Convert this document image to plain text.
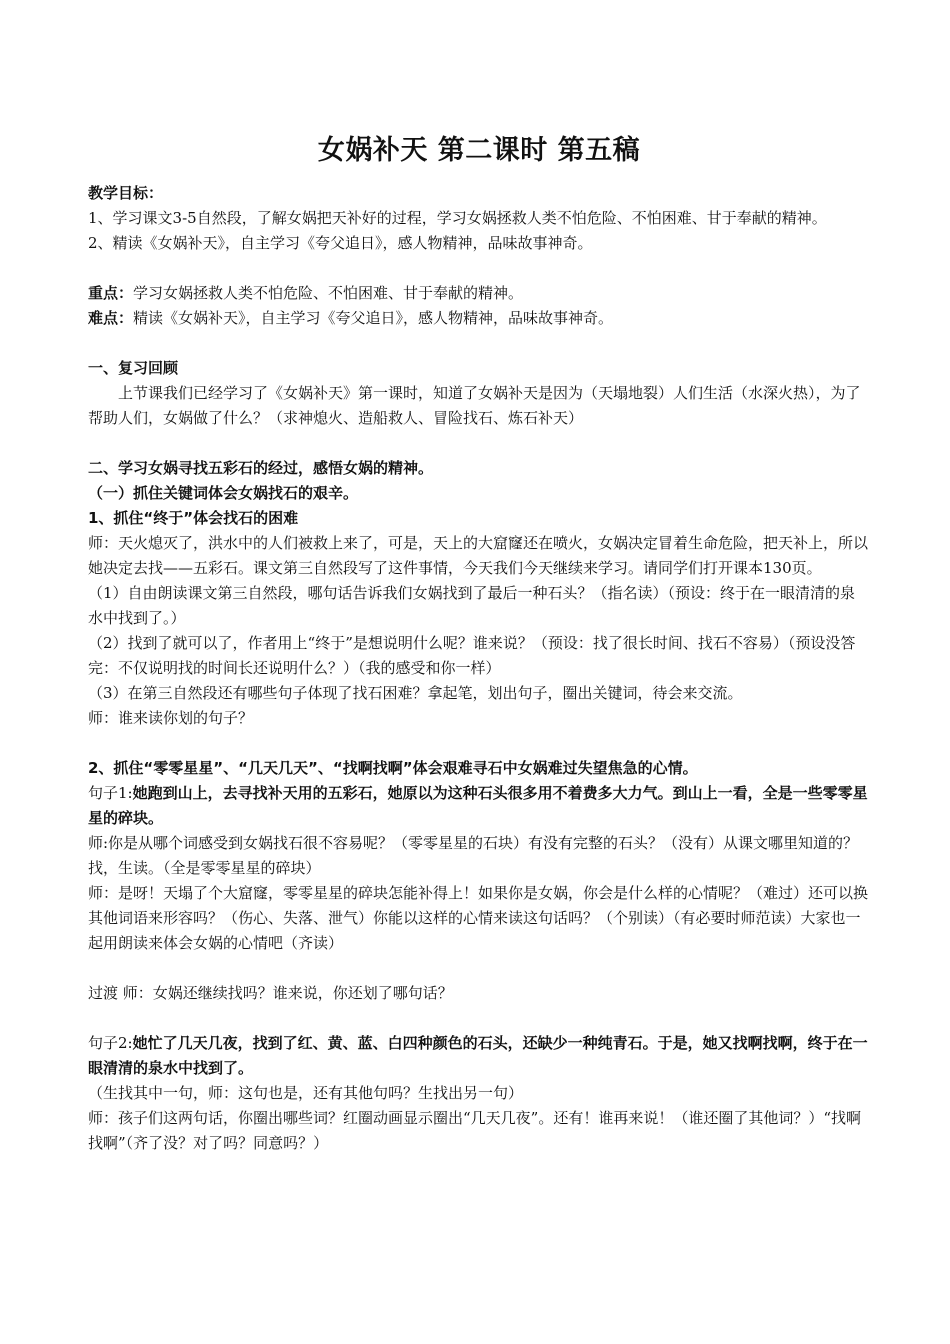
女娲补天 第二课时 第五稿

教学目标：

1、学习课文3-5自然段，了解女娲把天补好的过程，学习女娲拯救人类不怕危险、不怕困难、甘于奉献的精神。

2、精读《女娲补天》，自主学习《夸父追日》，感人物精神，品味故事神奇。

重点：学习女娲拯救人类不怕危险、不怕困难、甘于奉献的精神。

难点：精读《女娲补天》，自主学习《夸父追日》，感人物精神，品味故事神奇。

一、复习回顾

上节课我们已经学习了《女娲补天》第一课时，知道了女娲补天是因为（天塌地裂）人们生活（水深火热），为了帮助人们，女娲做了什么？（求神熄火、造船救人、冒险找石、炼石补天）

二、学习女娲寻找五彩石的经过，感悟女娲的精神。

（一）抓住关键词体会女娲找石的艰辛。

1、抓住“终于”体会找石的困难

师：天火熄灭了，洪水中的人们被救上来了，可是，天上的大窟窿还在喷火，女娲决定冒着生命危险，把天补上，所以她决定去找——五彩石。课文第三自然段写了这件事情，今天我们今天继续来学习。请同学们打开课本130页。

（1）自由朗读课文第三自然段，哪句话告诉我们女娲找到了最后一种石头？（指名读）（预设：终于在一眼清清的泉水中找到了。）

（2）找到了就可以了，作者用上“终于”是想说明什么呢？谁来说？（预设：找了很长时间、找石不容易）（预设没答完：不仅说明找的时间长还说明什么？）（我的感受和你一样）

（3）在第三自然段还有哪些句子体现了找石困难？拿起笔，划出句子，圈出关键词，待会来交流。

师：谁来读你划的句子？

2、抓住“零零星星”、“几天几天”、“找啊找啊”体会艰难寻石中女娲难过失望焦急的心情。

句子1:她跑到山上，去寻找补天用的五彩石，她原以为这种石头很多用不着费多大力气。到山上一看，全是一些零零星星的碎块。

师:你是从哪个词感受到女娲找石很不容易呢？（零零星星的石块）有没有完整的石头？（没有）从课文哪里知道的？找，生读。（全是零零星星的碎块）

师：是呀！天塌了个大窟窿，零零星星的碎块怎能补得上！如果你是女娲，你会是什么样的心情呢？（难过）还可以换其他词语来形容吗？（伤心、失落、泄气）你能以这样的心情来读这句话吗？（个别读）（有必要时师范读）大家也一起用朗读来体会女娲的心情吧（齐读）

过渡 师：女娲还继续找吗？谁来说，你还划了哪句话？

句子2:她忙了几天几夜，找到了红、黄、蓝、白四种颜色的石头，还缺少一种纯青石。于是，她又找啊找啊，终于在一眼清清的泉水中找到了。

（生找其中一句，师：这句也是，还有其他句吗？生找出另一句）

师：孩子们这两句话，你圈出哪些词？红圈动画显示圈出“几天几夜”。还有！谁再来说！（谁还圈了其他词？）“找啊找啊”（齐了没？对了吗？同意吗？）
